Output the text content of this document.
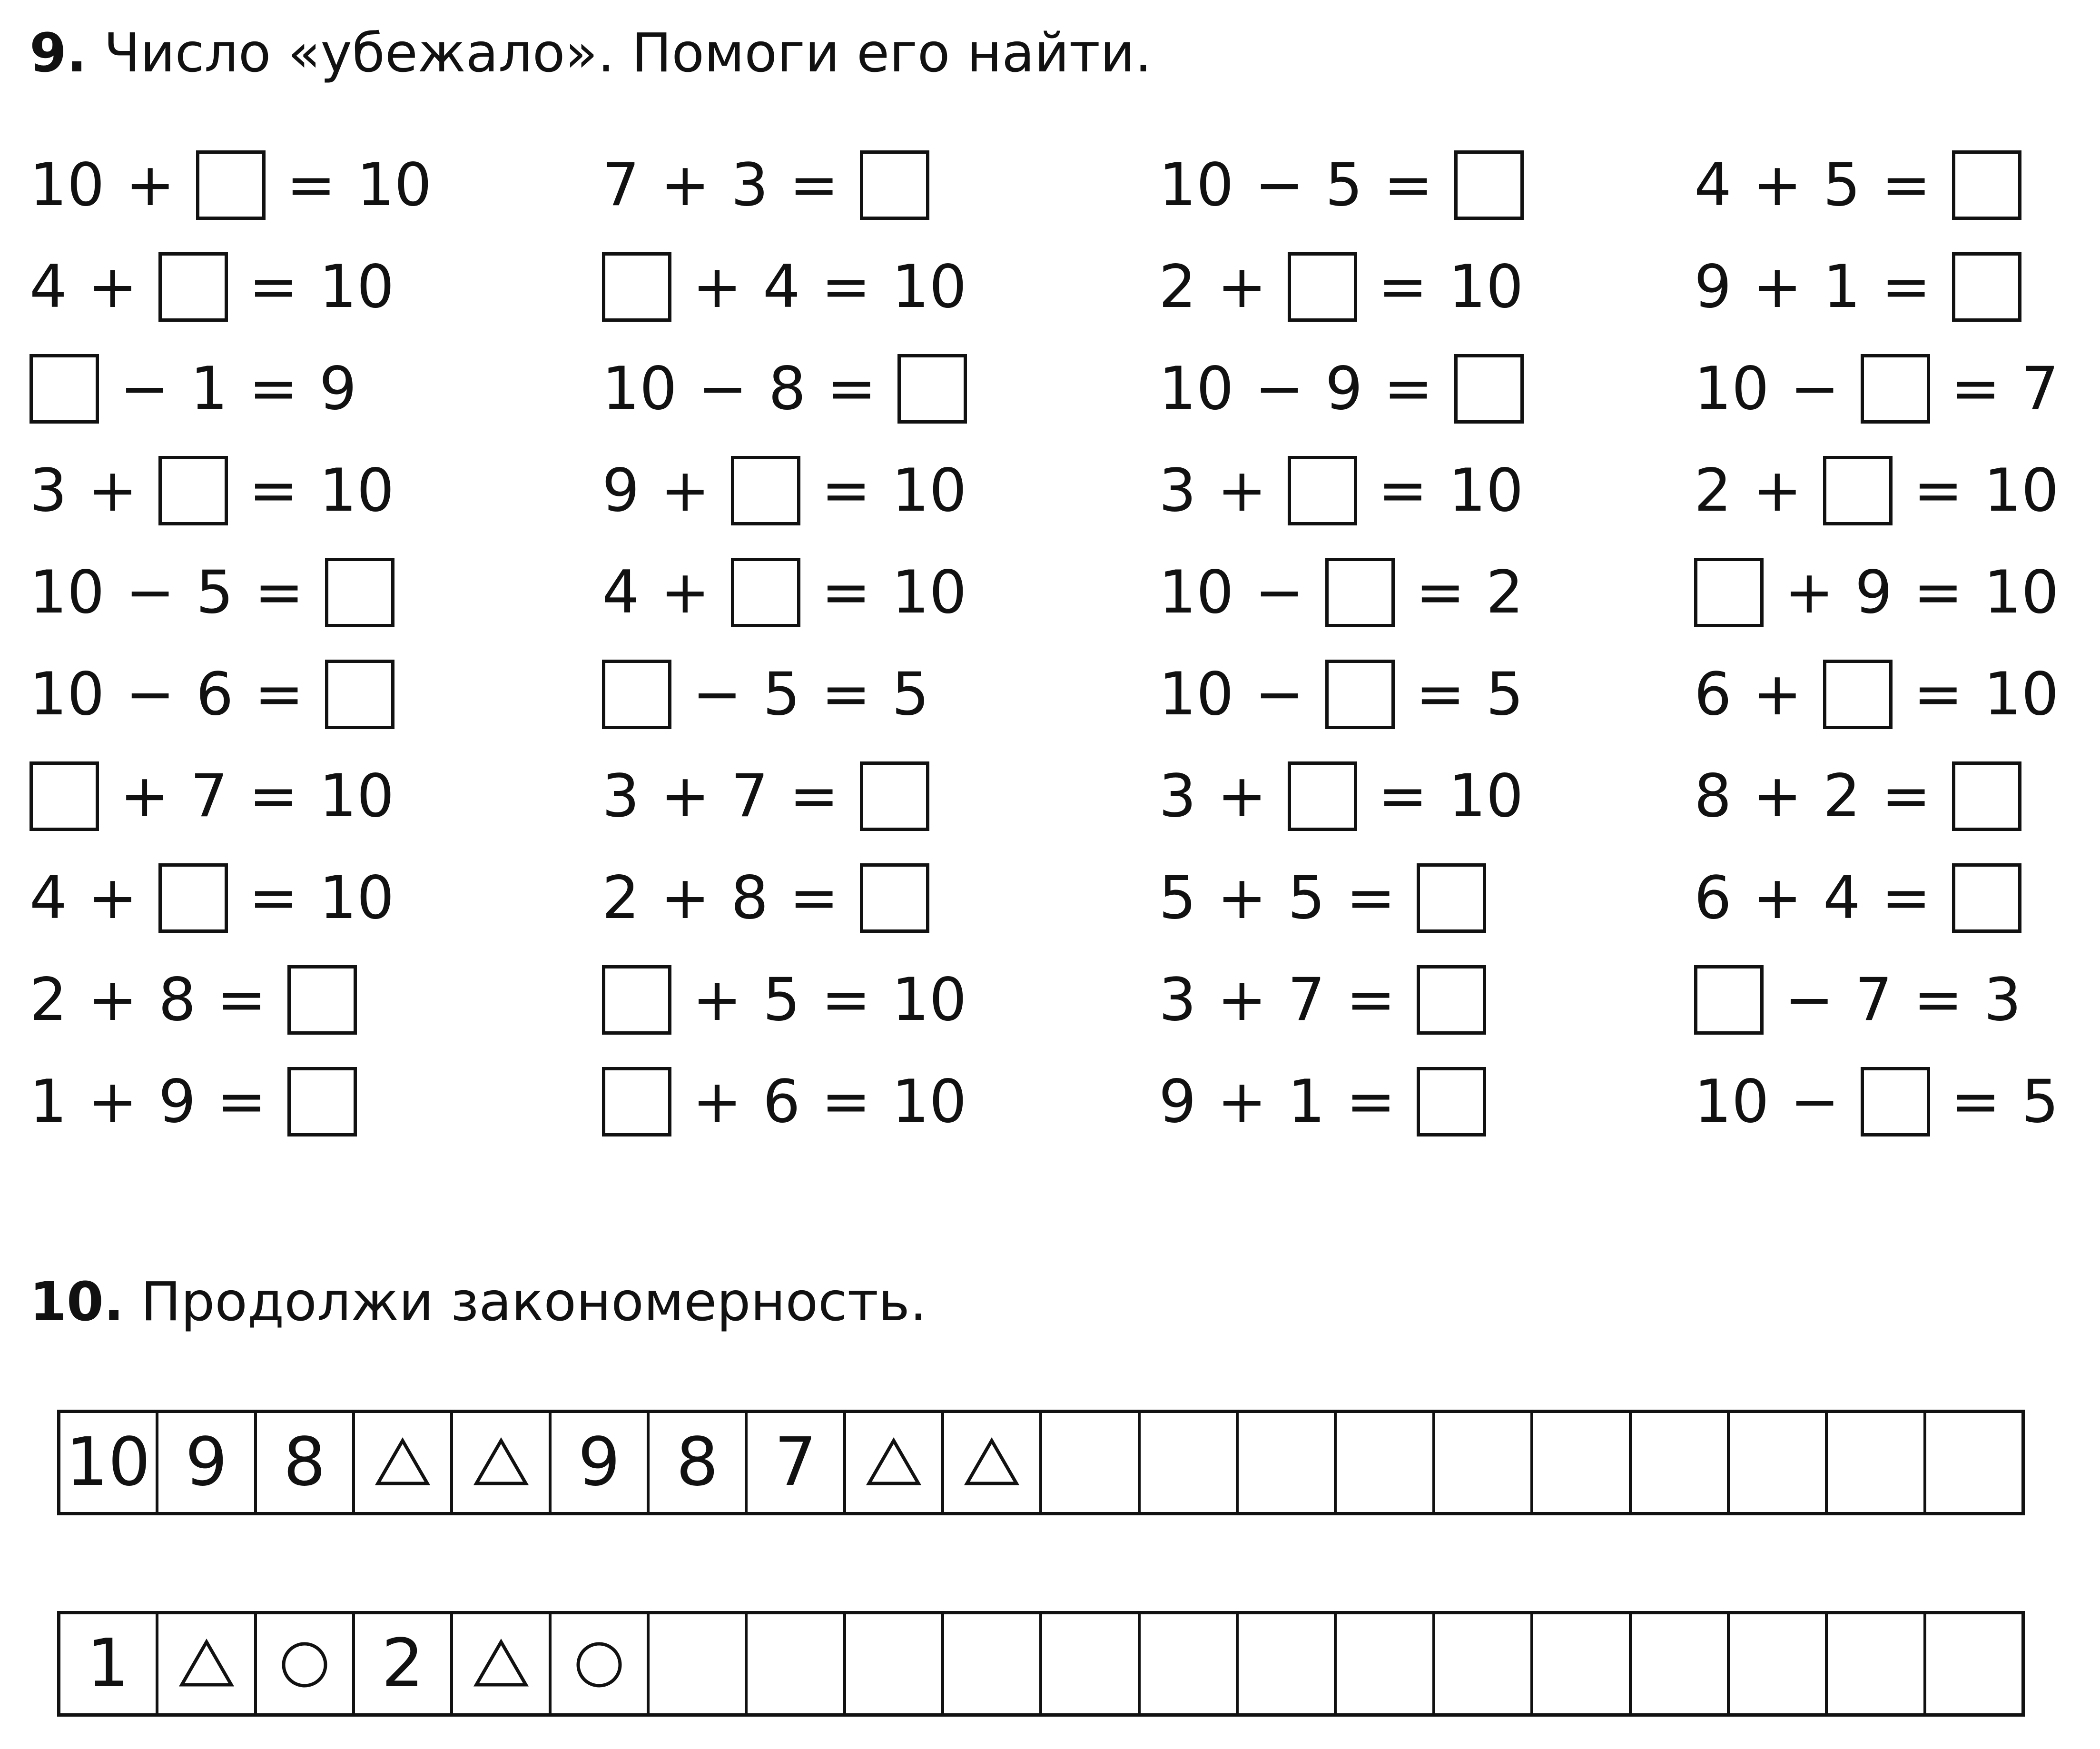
9. Число «убежало». Помоги его найти.
10 + = 10
4 + = 10
− 1 = 9
3 + = 10
10 − 5 =
10 − 6 =
+ 7 = 10
4 + = 10
2 + 8 =
1 + 9 =
7 + 3 =
+ 4 = 10
10 − 8 =
9 + = 10
4 + = 10
− 5 = 5
3 + 7 =
2 + 8 =
+ 5 = 10
+ 6 = 10
10 − 5 =
2 + = 10
10 − 9 =
3 + = 10
10 − = 2
10 − = 5
3 + = 10
5 + 5 =
3 + 7 =
9 + 1 =
4 + 5 =
9 + 1 =
10 − = 7
2 + = 10
+ 9 = 10
6 + = 10
8 + 2 =
6 + 4 =
− 7 = 3
10 − = 5
10. Продолжи закономерность.
10 9 8	9 8 7
1	2
